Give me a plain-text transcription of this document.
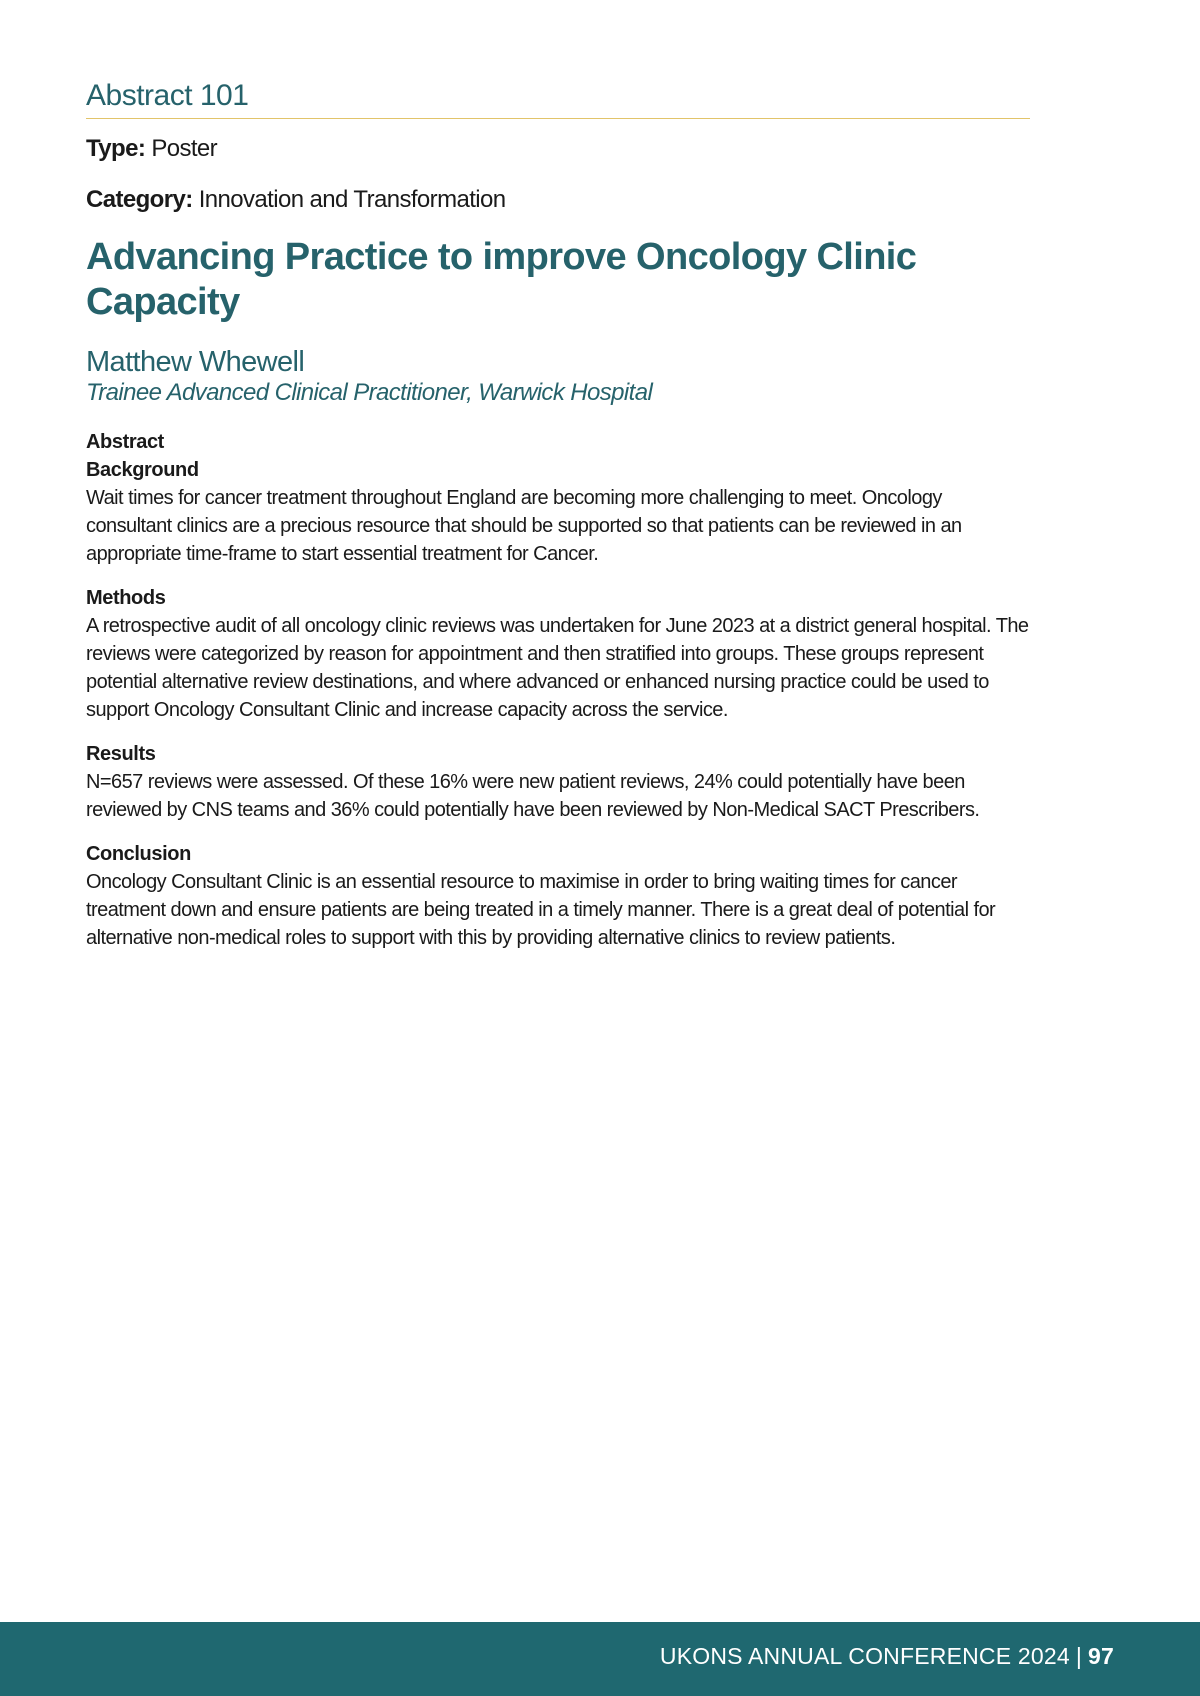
Abstract 101
Type: Poster
Category: Innovation and Transformation
Advancing Practice to improve Oncology Clinic Capacity
Matthew Whewell
Trainee Advanced Clinical Practitioner, Warwick Hospital
Abstract
Background

Wait times for cancer treatment throughout England are becoming more challenging to meet. Oncology consultant clinics are a precious resource that should be supported so that patients can be reviewed in an appropriate time-frame to start essential treatment for Cancer.

Methods

A retrospective audit of all oncology clinic reviews was undertaken for June 2023 at a district general hospital. The reviews were categorized by reason for appointment and then stratified into groups. These groups represent potential alternative review destinations, and where advanced or enhanced nursing practice could be used to support Oncology Consultant Clinic and increase capacity across the service.

Results

N=657 reviews were assessed. Of these 16% were new patient reviews, 24% could potentially have been reviewed by CNS teams and 36% could potentially have been reviewed by Non-Medical SACT Prescribers.

Conclusion

Oncology Consultant Clinic is an essential resource to maximise in order to bring waiting times for cancer treatment down and ensure patients are being treated in a timely manner. There is a great deal of potential for alternative non-medical roles to support with this by providing alternative clinics to review patients.

UKONS ANNUAL CONFERENCE 2024 | 97
